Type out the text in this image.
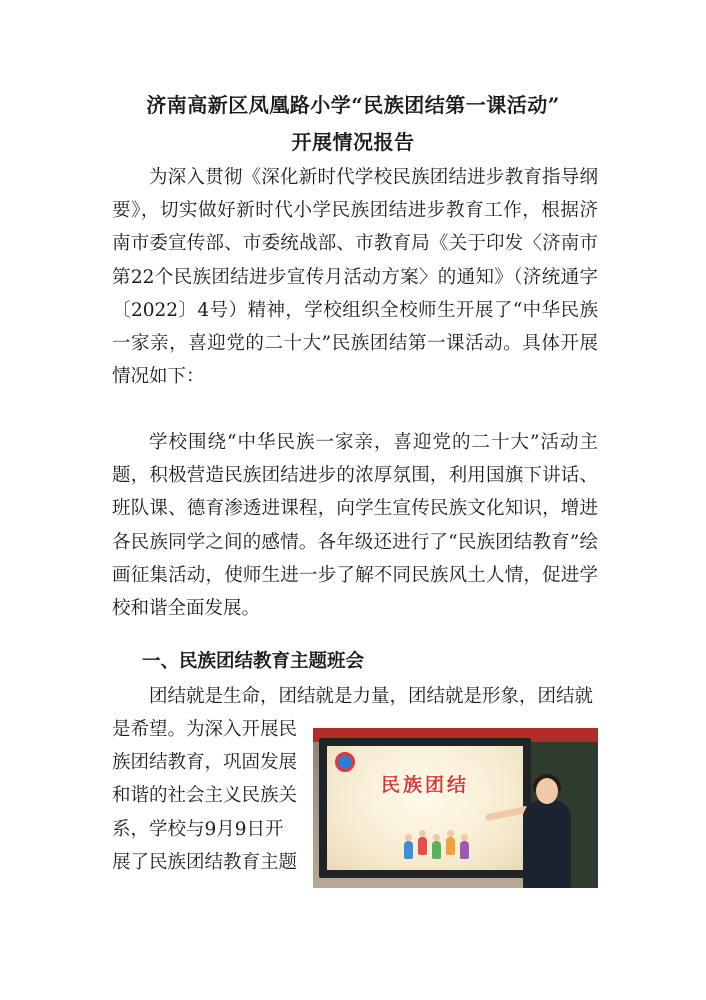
济南高新区凤凰路小学“民族团结第一课活动”
开展情况报告

为深入贯彻《深化新时代学校民族团结进步教育指导纲要》，切实做好新时代小学民族团结进步教育工作，根据济南市委宣传部、市委统战部、市教育局《关于印发〈济南市第22个民族团结进步宣传月活动方案〉的通知》（济统通字〔2022〕4号）精神，学校组织全校师生开展了“中华民族一家亲，喜迎党的二十大”民族团结第一课活动。具体开展情况如下：

学校围绕“中华民族一家亲，喜迎党的二十大”活动主题，积极营造民族团结进步的浓厚氛围，利用国旗下讲话、班队课、德育渗透进课程，向学生宣传民族文化知识，增进各民族同学之间的感情。各年级还进行了“民族团结教育”绘画征集活动，使师生进一步了解不同民族风土人情，促进学校和谐全面发展。

一、民族团结教育主题班会

团结就是生命，团结就是力量，团结就是形象，团结就

是希望。为深入开展民
族团结教育，巩固发展
和谐的社会主义民族关
系，学校与9月9日开
展了民族团结教育主题
民族团结
